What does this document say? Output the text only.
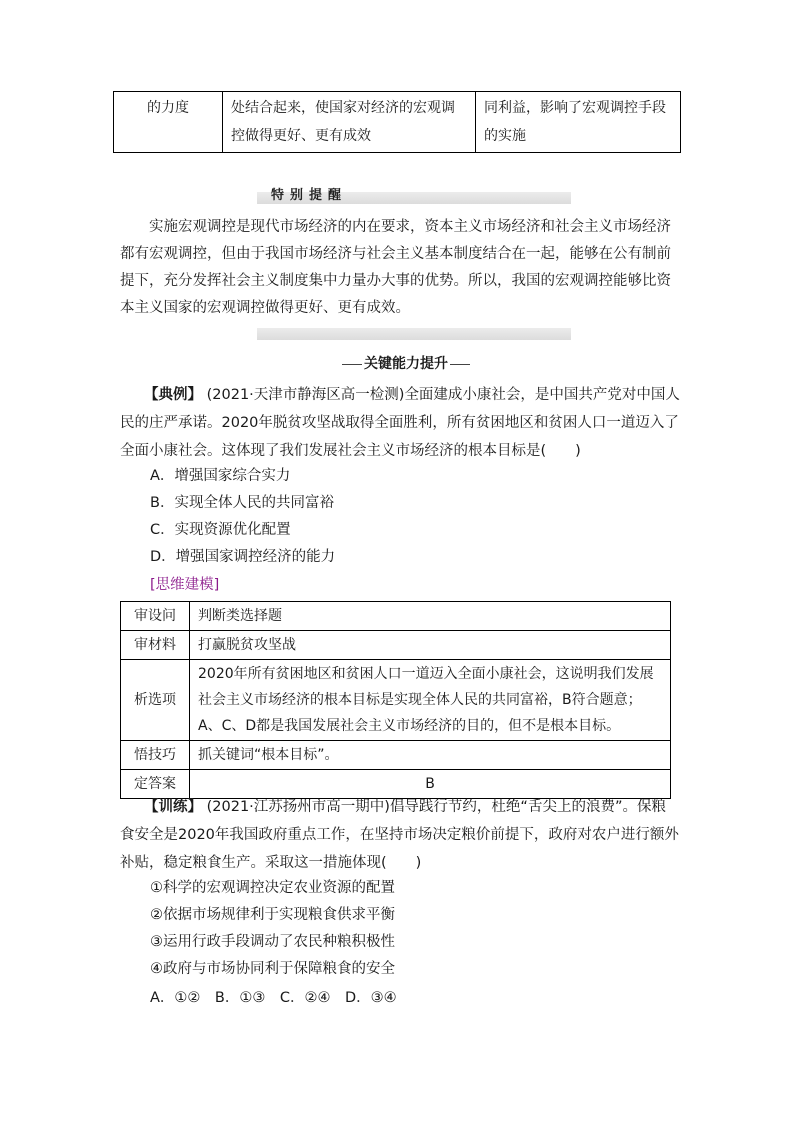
的力度	处结合起来，使国家对经济的宏观调控做得更好、更有成效	同利益，影响了宏观调控手段的实施
特别提醒
实施宏观调控是现代市场经济的内在要求，资本主义市场经济和社会主义市场经济都有宏观调控，但由于我国市场经济与社会主义基本制度结合在一起，能够在公有制前提下，充分发挥社会主义制度集中力量办大事的优势。所以，我国的宏观调控能够比资本主义国家的宏观调控做得更好、更有成效。
关键能力提升
【典例】 (2021·天津市静海区高一检测)全面建成小康社会，是中国共产党对中国人民的庄严承诺。2020年脱贫攻坚战取得全面胜利，所有贫困地区和贫困人口一道迈入了全面小康社会。这体现了我们发展社会主义市场经济的根本目标是(　　)
A．增强国家综合实力
B．实现全体人民的共同富裕
C．实现资源优化配置
D．增强国家调控经济的能力
[思维建模]
审设问	判断类选择题
审材料	打赢脱贫攻坚战
析选项	2020年所有贫困地区和贫困人口一道迈入全面小康社会，这说明我们发展社会主义市场经济的根本目标是实现全体人民的共同富裕，B符合题意；A、C、D都是我国发展社会主义市场经济的目的，但不是根本目标。
悟技巧	抓关键词“根本目标”。
定答案	B
【训练】 (2021·江苏扬州市高一期中)倡导践行节约，杜绝“舌尖上的浪费”。保粮食安全是2020年我国政府重点工作，在坚持市场决定粮价前提下，政府对农户进行额外补贴，稳定粮食生产。采取这一措施体现(　　)
①科学的宏观调控决定农业资源的配置
②依据市场规律利于实现粮食供求平衡
③运用行政手段调动了农民种粮积极性
④政府与市场协同利于保障粮食的安全
A．①②　B．①③　C．②④　D．③④
